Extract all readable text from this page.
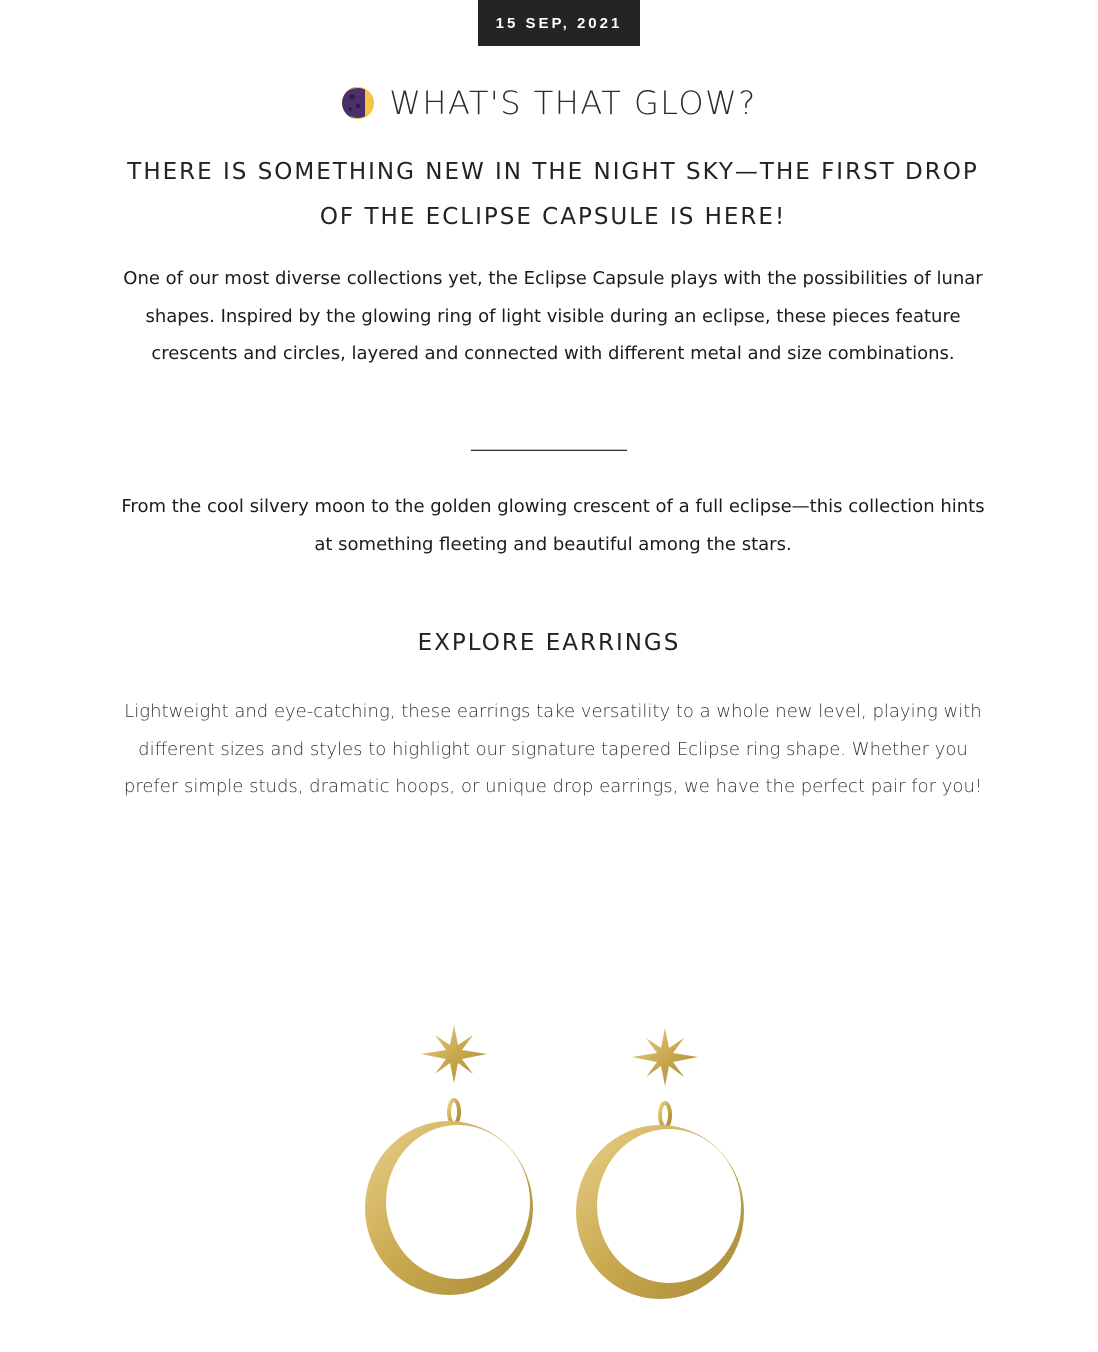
15 SEP, 2021
WHAT'S THAT GLOW?
THERE IS SOMETHING NEW IN THE NIGHT SKY—THE FIRST DROP OF THE ECLIPSE CAPSULE IS HERE!
One of our most diverse collections yet, the Eclipse Capsule plays with the possibilities of lunar shapes. Inspired by the glowing ring of light visible during an eclipse, these pieces feature crescents and circles, layered and connected with different metal and size combinations.
______________
From the cool silvery moon to the golden glowing crescent of a full eclipse—this collection hints at something fleeting and beautiful among the stars.
EXPLORE EARRINGS
Lightweight and eye-catching, these earrings take versatility to a whole new level, playing with different sizes and styles to highlight our signature tapered Eclipse ring shape. Whether you prefer simple studs, dramatic hoops, or unique drop earrings, we have the perfect pair for you!
